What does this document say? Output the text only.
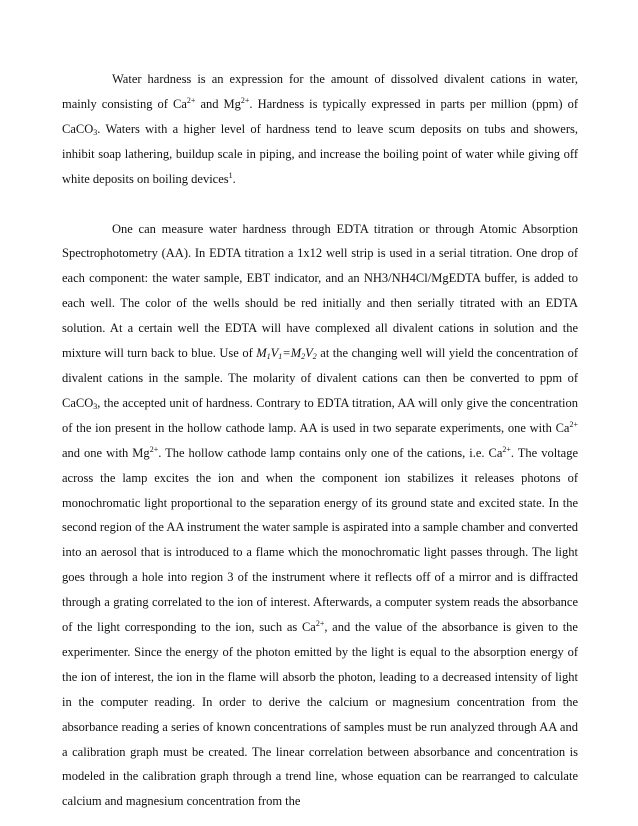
Water hardness is an expression for the amount of dissolved divalent cations in water, mainly consisting of $Ca^{2+}$ and $Mg^{2+}$. Hardness is typically expressed in parts per million (ppm) of CaCO$_3$. Waters with a higher level of hardness tend to leave scum deposits on tubs and showers, inhibit soap lathering, buildup scale in piping, and increase the boiling point of water while giving off white deposits on boiling devices$^1$.

One can measure water hardness through EDTA titration or through Atomic Absorption Spectrophotometry (AA). In EDTA titration a 1x12 well strip is used in a serial titration. One drop of each component: the water sample, EBT indicator, and an NH3/NH4Cl/MgEDTA buffer, is added to each well. The color of the wells should be red initially and then serially titrated with an EDTA solution. At a certain well the EDTA will have complexed all divalent cations in solution and the mixture will turn back to blue. Use of $M_1V_1=M_2V_2$ at the changing well will yield the concentration of divalent cations in the sample. The molarity of divalent cations can then be converted to ppm of CaCO$_3$, the accepted unit of hardness. Contrary to EDTA titration, AA will only give the concentration of the ion present in the hollow cathode lamp. AA is used in two separate experiments, one with $Ca^{2+}$ and one with $Mg^{2+}$. The hollow cathode lamp contains only one of the cations, i.e. $Ca^{2+}$. The voltage across the lamp excites the ion and when the component ion stabilizes it releases photons of monochromatic light proportional to the separation energy of its ground state and excited state. In the second region of the AA instrument the water sample is aspirated into a sample chamber and converted into an aerosol that is introduced to a flame which the monochromatic light passes through. The light goes through a hole into region 3 of the instrument where it reflects off of a mirror and is diffracted through a grating correlated to the ion of interest. Afterwards, a computer system reads the absorbance of the light corresponding to the ion, such as $Ca^{2+}$, and the value of the absorbance is given to the experimenter. Since the energy of the photon emitted by the light is equal to the absorption energy of the ion of interest, the ion in the flame will absorb the photon, leading to a decreased intensity of light in the computer reading. In order to derive the calcium or magnesium concentration from the absorbance reading a series of known concentrations of samples must be run analyzed through AA and a calibration graph must be created. The linear correlation between absorbance and concentration is modeled in the calibration graph through a trend line, whose equation can be rearranged to calculate calcium and magnesium concentration from the
